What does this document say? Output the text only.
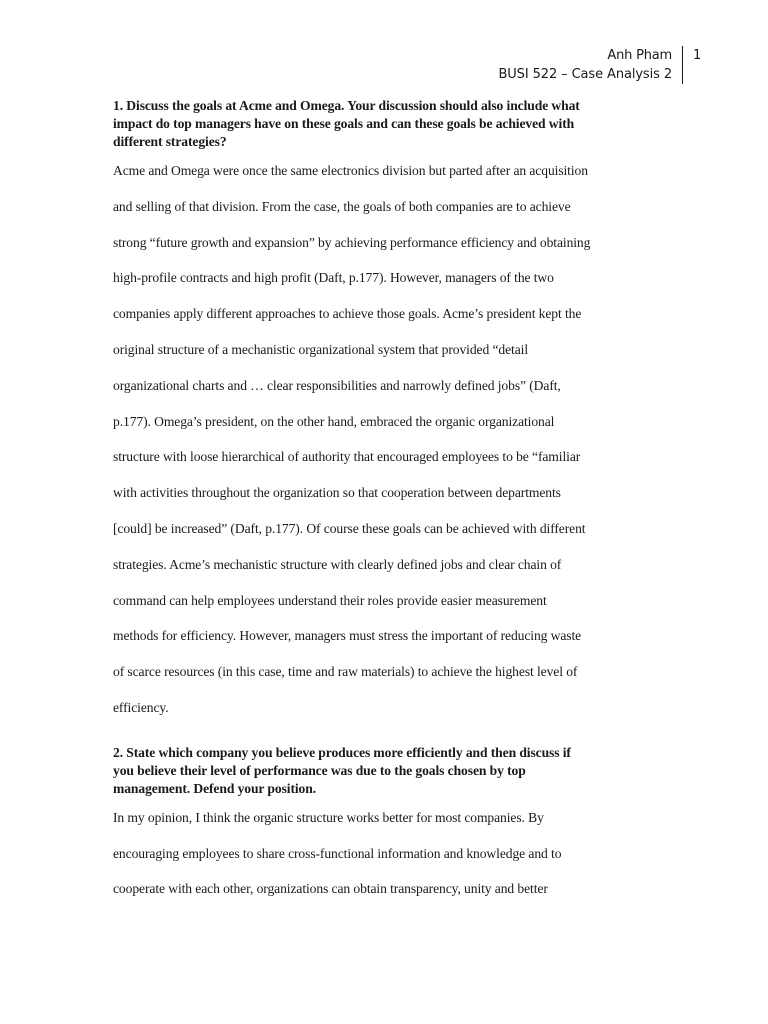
Anh Pham
BUSI 522 – Case Analysis 2
1
1. Discuss the goals at Acme and Omega. Your discussion should also include what
impact do top managers have on these goals and can these goals be achieved with
different strategies?
Acme and Omega were once the same electronics division but parted after an acquisition
and selling of that division. From the case, the goals of both companies are to achieve
strong “future growth and expansion” by achieving performance efficiency and obtaining
high-profile contracts and high profit (Daft, p.177). However, managers of the two
companies apply different approaches to achieve those goals. Acme’s president kept the
original structure of a mechanistic organizational system that provided “detail
organizational charts and … clear responsibilities and narrowly defined jobs” (Daft,
p.177). Omega’s president, on the other hand, embraced the organic organizational
structure with loose hierarchical of authority that encouraged employees to be “familiar
with activities throughout the organization so that cooperation between departments
[could] be increased” (Daft, p.177). Of course these goals can be achieved with different
strategies. Acme’s mechanistic structure with clearly defined jobs and clear chain of
command can help employees understand their roles provide easier measurement
methods for efficiency. However, managers must stress the important of reducing waste
of scarce resources (in this case, time and raw materials) to achieve the highest level of
efficiency.
2. State which company you believe produces more efficiently and then discuss if
you believe their level of performance was due to the goals chosen by top
management. Defend your position.
In my opinion, I think the organic structure works better for most companies. By
encouraging employees to share cross-functional information and knowledge and to
cooperate with each other, organizations can obtain transparency, unity and better
